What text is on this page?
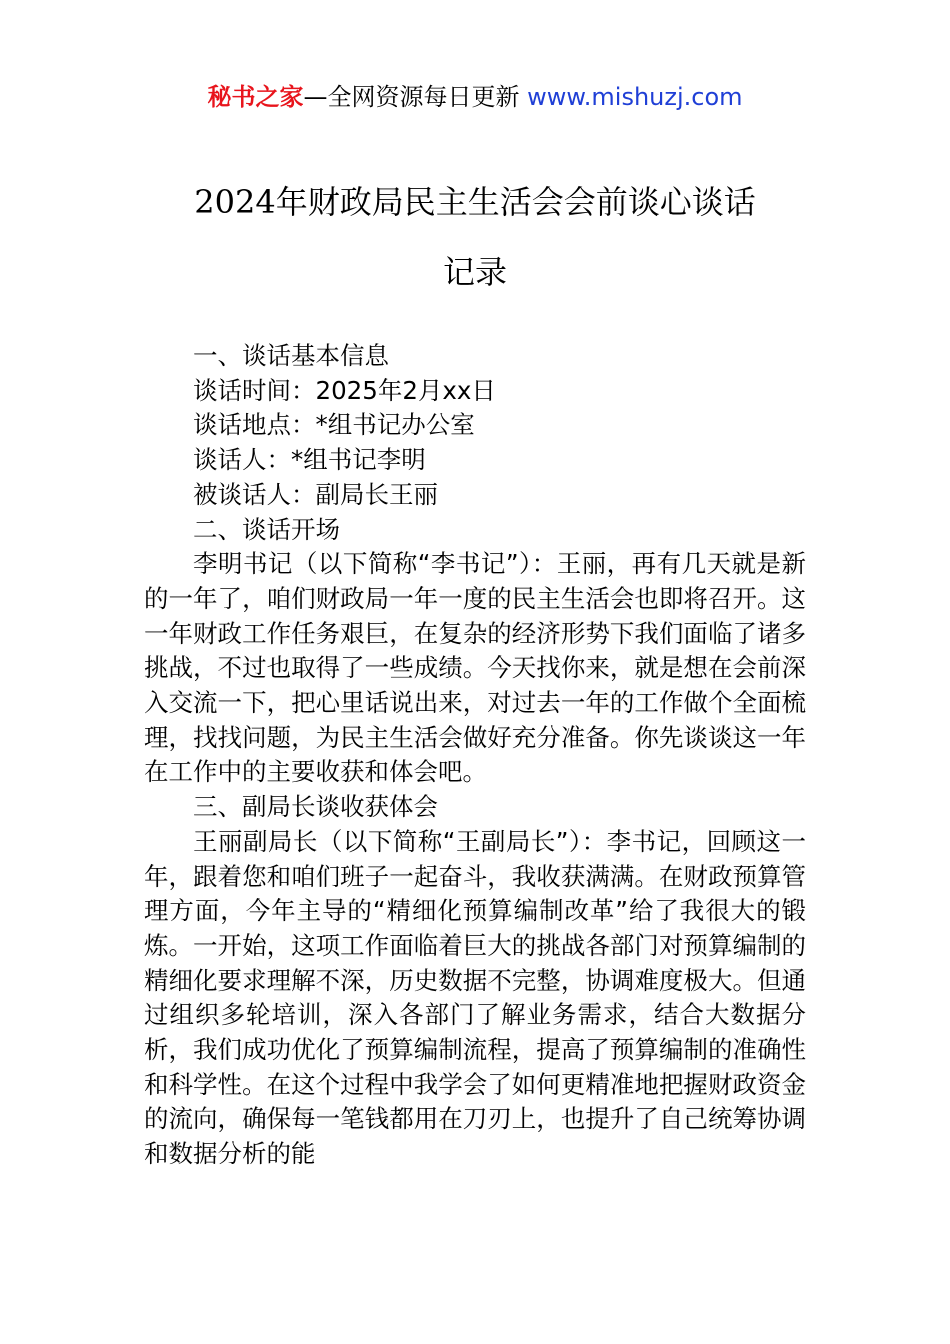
秘书之家—全网资源每日更新 www.mishuzj.com
2024年财政局民主生活会会前谈心谈话
记录

一、谈话基本信息

谈话时间：2025年2月xx日

谈话地点：*组书记办公室

谈话人：*组书记李明

被谈话人：副局长王丽

二、谈话开场

李明书记（以下简称“李书记”）：王丽，再有几天就是新的一年了，咱们财政局一年一度的民主生活会也即将召开。这一年财政工作任务艰巨，在复杂的经济形势下我们面临了诸多挑战，不过也取得了一些成绩。今天找你来，就是想在会前深入交流一下，把心里话说出来，对过去一年的工作做个全面梳理，找找问题，为民主生活会做好充分准备。你先谈谈这一年在工作中的主要收获和体会吧。

三、副局长谈收获体会

王丽副局长（以下简称“王副局长”）：李书记，回顾这一年，跟着您和咱们班子一起奋斗，我收获满满。在财政预算管理方面，今年主导的“精细化预算编制改革”给了我很大的锻炼。一开始，这项工作面临着巨大的挑战各部门对预算编制的精细化要求理解不深，历史数据不完整，协调难度极大。但通过组织多轮培训，深入各部门了解业务需求，结合大数据分析，我们成功优化了预算编制流程，提高了预算编制的准确性和科学性。在这个过程中我学会了如何更精准地把握财政资金的流向，确保每一笔钱都用在刀刃上，也提升了自己统筹协调和数据分析的能
